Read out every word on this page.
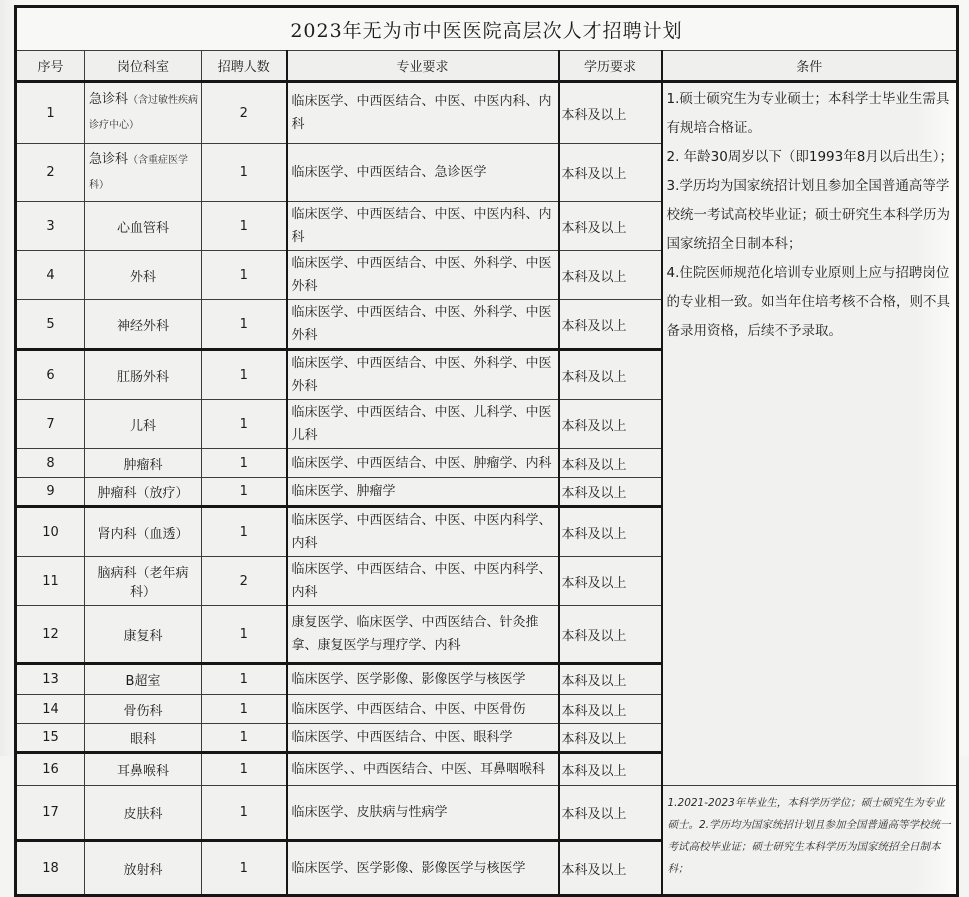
2023年无为市中医医院高层次人才招聘计划					
序号	岗位科室	招聘人数	专业要求	学历要求	条件
1	急诊科（含过敏性疾病诊疗中心）	2	临床医学、中西医结合、中医、中医内科、内科	本科及以上	1.硕士硕究生为专业硕士；本科学士毕业生需具有规培合格证。

2. 年龄30周岁以下（即1993年8月以后出生）；

3.学历均为国家统招计划且参加全国普通高等学校统一考试高校毕业证；硕士研究生本科学历为国家统招全日制本科；

4.住院医师规范化培训专业原则上应与招聘岗位的专业相一致。如当年住培考核不合格，则不具备录用资格，后续不予录取。

2	急诊科（含重症医学科）	1	临床医学、中西医结合、急诊医学	本科及以上	
3	心血管科	1	临床医学、中西医结合、中医、中医内科、内科	本科及以上	
4	外科	1	临床医学、中西医结合、中医、外科学、中医外科	本科及以上	
5	神经外科	1	临床医学、中西医结合、中医、外科学、中医外科	本科及以上	
6	肛肠外科	1	临床医学、中西医结合、中医、外科学、中医外科	本科及以上	
7	儿科	1	临床医学、中西医结合、中医、儿科学、中医儿科	本科及以上	
8	肿瘤科	1	临床医学、中西医结合、中医、肿瘤学、内科	本科及以上	
9	肿瘤科（放疗）	1	临床医学、肿瘤学	本科及以上	
10	肾内科（血透）	1	临床医学、中西医结合、中医、中医内科学、内科	本科及以上	
11	脑病科（老年病科）	2	临床医学、中西医结合、中医、中医内科学、内科	本科及以上	
12	康复科	1	康复医学、临床医学、中西医结合、针灸推拿、康复医学与理疗学、内科	本科及以上	
13	B超室	1	临床医学、医学影像、影像医学与核医学	本科及以上	
14	骨伤科	1	临床医学、中西医结合、中医、中医骨伤	本科及以上	
15	眼科	1	临床医学、中西医结合、中医、眼科学	本科及以上	
16	耳鼻喉科	1	临床医学、、中西医结合、中医、耳鼻咽喉科	本科及以上	
17	皮肤科	1	临床医学、皮肤病与性病学	本科及以上	1.2021-2023年毕业生，本科学历学位；硕士硕究生为专业硕士。2.学历均为国家统招计划且参加全国普通高等学校统一考试高校毕业证；硕士研究生本科学历为国家统招全日制本科；
18	放射科	1	临床医学、医学影像、影像医学与核医学	本科及以上	
